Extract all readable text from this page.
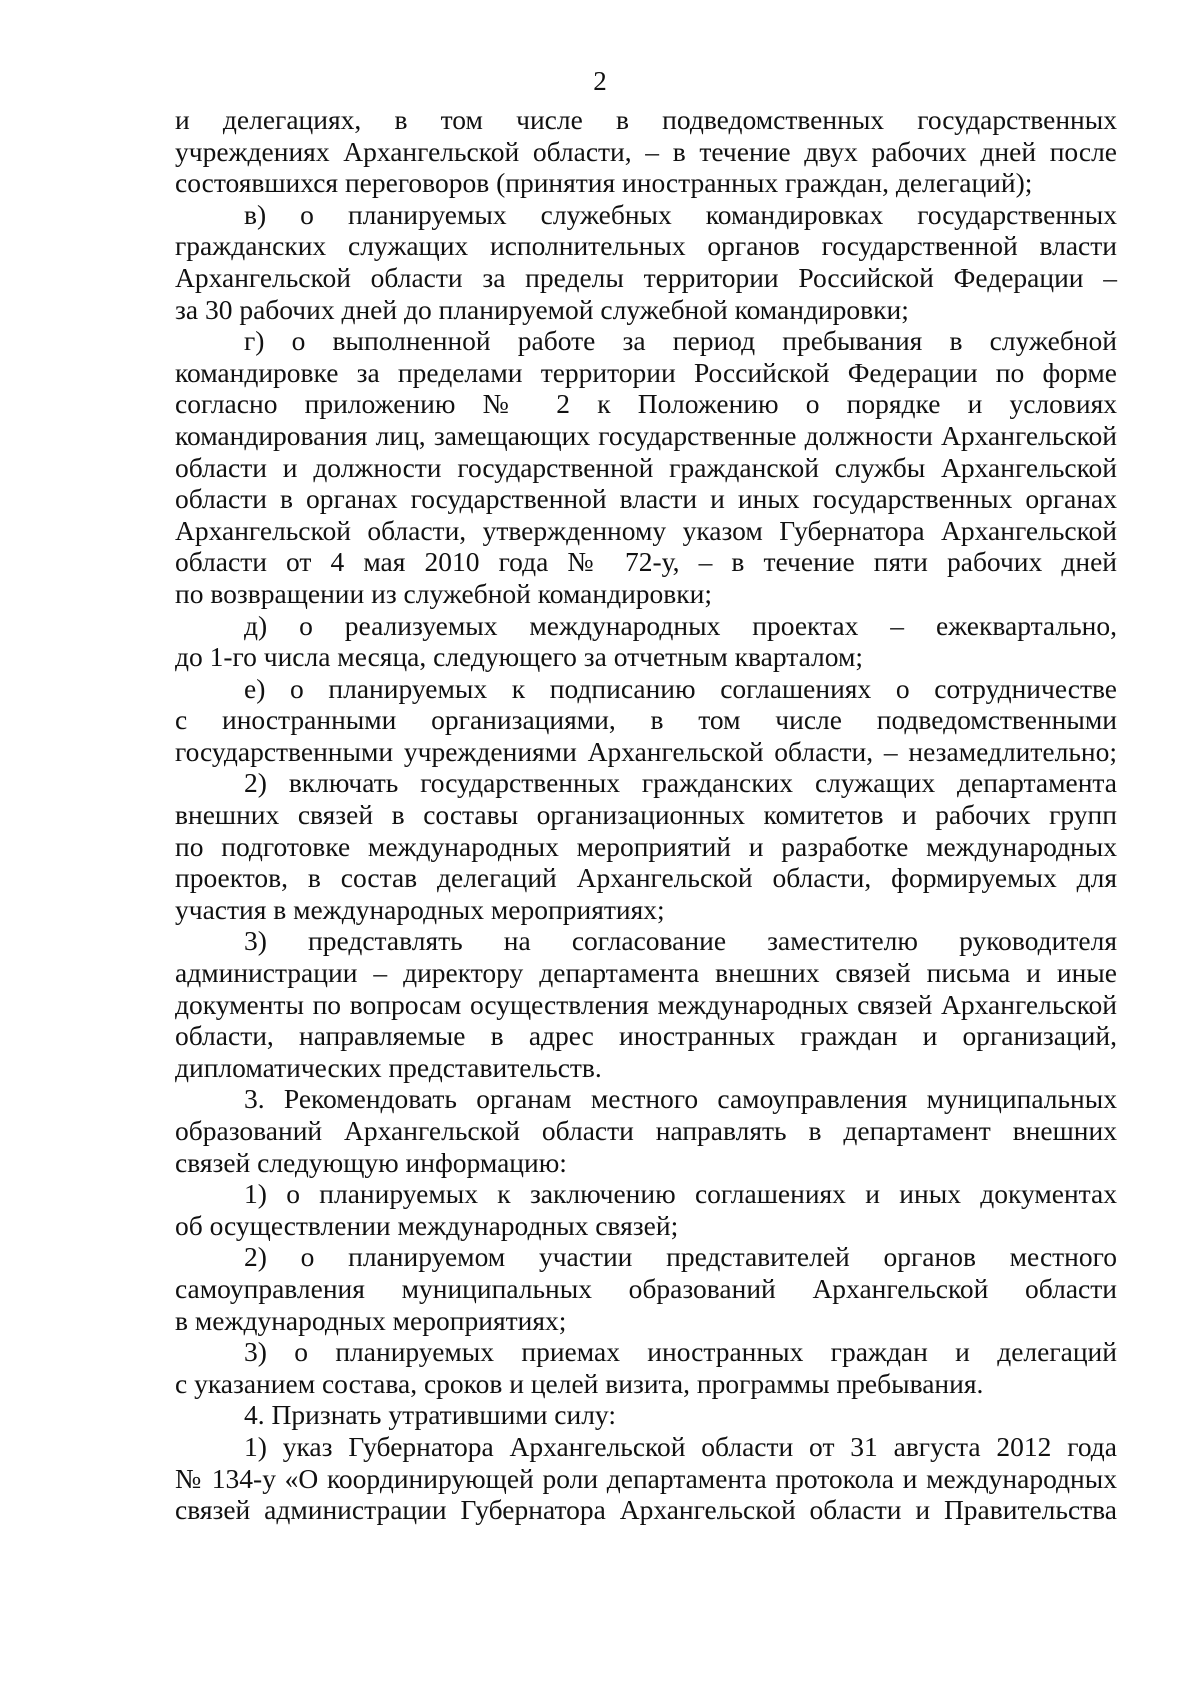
2
и делегациях, в том числе в подведомственных государственных
учреждениях Архангельской области, – в течение двух рабочих дней после
состоявшихся переговоров (принятия иностранных граждан, делегаций);
в) о планируемых служебных командировках государственных
гражданских служащих исполнительных органов государственной власти
Архангельской области за пределы территории Российской Федерации –
за 30 рабочих дней до планируемой служебной командировки;
г) о выполненной работе за период пребывания в служебной
командировке за пределами территории Российской Федерации по форме
согласно приложению № 2 к Положению о порядке и условиях
командирования лиц, замещающих государственные должности Архангельской
области и должности государственной гражданской службы Архангельской
области в органах государственной власти и иных государственных органах
Архангельской области, утвержденному указом Губернатора Архангельской
области от 4 мая 2010 года № 72-у, – в течение пяти рабочих дней
по возвращении из служебной командировки;
д) о реализуемых международных проектах – ежеквартально,
до 1-го числа месяца, следующего за отчетным кварталом;
е) о планируемых к подписанию соглашениях о сотрудничестве
с иностранными организациями, в том числе подведомственными
государственными учреждениями Архангельской области, – незамедлительно;
2) включать государственных гражданских служащих департамента
внешних связей в составы организационных комитетов и рабочих групп
по подготовке международных мероприятий и разработке международных
проектов, в состав делегаций Архангельской области, формируемых для
участия в международных мероприятиях;
3) представлять на согласование заместителю руководителя
администрации – директору департамента внешних связей письма и иные
документы по вопросам осуществления международных связей Архангельской
области, направляемые в адрес иностранных граждан и организаций,
дипломатических представительств.
3. Рекомендовать органам местного самоуправления муниципальных
образований Архангельской области направлять в департамент внешних
связей следующую информацию:
1) о планируемых к заключению соглашениях и иных документах
об осуществлении международных связей;
2) о планируемом участии представителей органов местного
самоуправления муниципальных образований Архангельской области
в международных мероприятиях;
3) о планируемых приемах иностранных граждан и делегаций
с указанием состава, сроков и целей визита, программы пребывания.
4. Признать утратившими силу:
1) указ Губернатора Архангельской области от 31 августа 2012 года
№ 134-у «О координирующей роли департамента протокола и международных
связей администрации Губернатора Архангельской области и Правительства
